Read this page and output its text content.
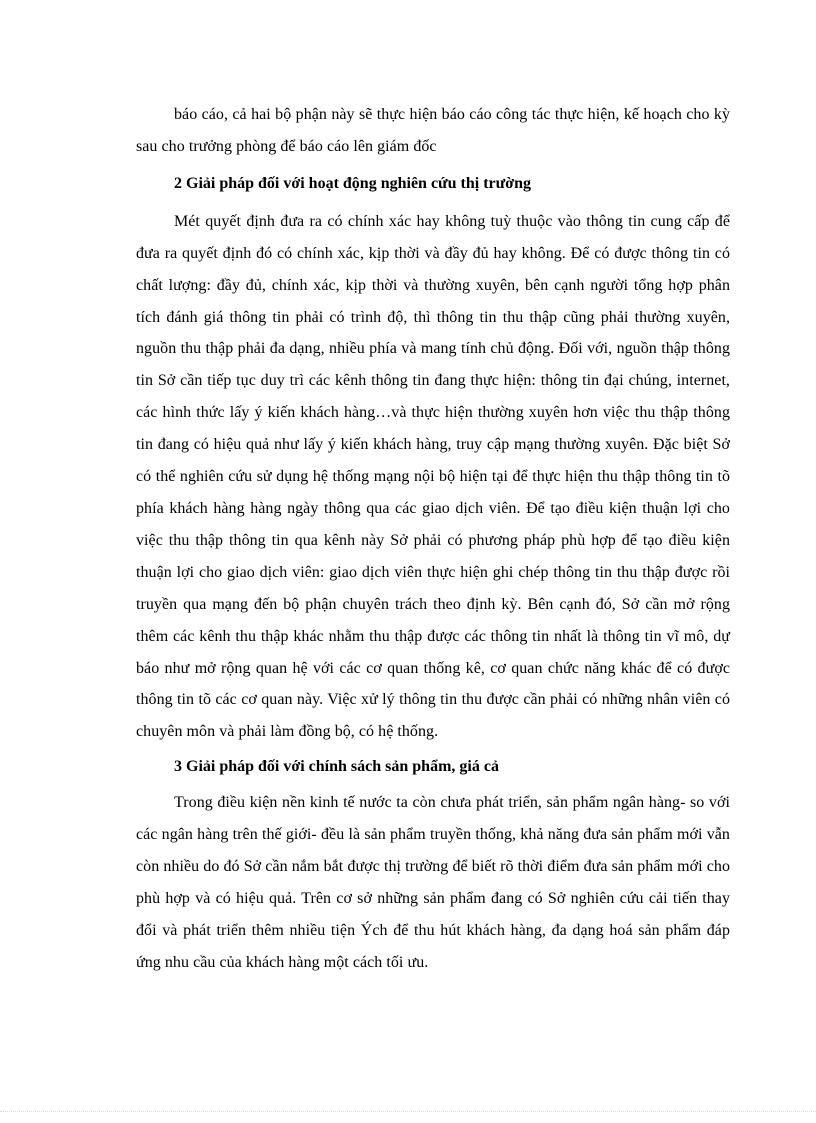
báo cáo, cả hai bộ phận này sẽ thực hiện báo cáo công tác thực hiện, kế hoạch cho kỳ sau cho trưởng phòng để báo cáo lên giám đốc

2 Giải pháp đối với hoạt động nghiên cứu thị trường

Mét quyết định đưa ra có chính xác hay không tuỳ thuộc vào thông tin cung cấp để đưa ra quyết định đó có chính xác, kịp thời và đầy đủ hay không. Để có được thông tin có chất lượng: đầy đủ, chính xác, kịp thời và thường xuyên, bên cạnh người tổng hợp phân tích đánh giá thông tin phải có trình độ, thì thông tin thu thập cũng phải thường xuyên, nguồn thu thập phải đa dạng, nhiều phía và mang tính chủ động. Đối với, nguồn thập thông tin Sở cần tiếp tục duy trì các kênh thông tin đang thực hiện: thông tin đại chúng, internet, các hình thức lấy ý kiến khách hàng…và thực hiện thường xuyên hơn việc thu thập thông tin đang có hiệu quả như lấy ý kiến khách hàng, truy cập mạng thường xuyên. Đặc biệt Sở có thể nghiên cứu sử dụng hệ thống mạng nội bộ hiện tại để thực hiện thu thập thông tin tõ phía khách hàng hàng ngày thông qua các giao dịch viên. Để tạo điều kiện thuận lợi cho việc thu thập thông tin qua kênh này Sở phải có phương pháp phù hợp để tạo điều kiện thuận lợi cho giao dịch viên: giao dịch viên thực hiện ghi chép thông tin thu thập được rồi truyền qua mạng đến bộ phận chuyên trách theo định kỳ. Bên cạnh đó, Sở cần mở rộng thêm các kênh thu thập khác nhằm thu thập được các thông tin nhất là thông tin vĩ mô, dự báo như mở rộng quan hệ với các cơ quan thống kê, cơ quan chức năng khác để có được thông tin tõ các cơ quan này. Việc xử lý thông tin thu được cần phải có những nhân viên có chuyên môn và phải làm đồng bộ, có hệ thống.

3 Giải pháp đối với chính sách sản phẩm, giá cả

Trong điều kiện nền kinh tế nước ta còn chưa phát triển, sản phẩm ngân hàng- so với các ngân hàng trên thế giới- đều là sản phẩm truyền thống, khả năng đưa sản phẩm mới vẫn còn nhiều do đó Sở cần nắm bắt được thị trường để biết rõ thời điểm đưa sản phẩm mới cho phù hợp và có hiệu quả. Trên cơ sở những sản phẩm đang có Sở nghiên cứu cải tiến thay đổi và phát triển thêm nhiều tiện Ých để thu hút khách hàng, đa dạng hoá sản phẩm đáp ứng nhu cầu của khách hàng một cách tối ưu.
